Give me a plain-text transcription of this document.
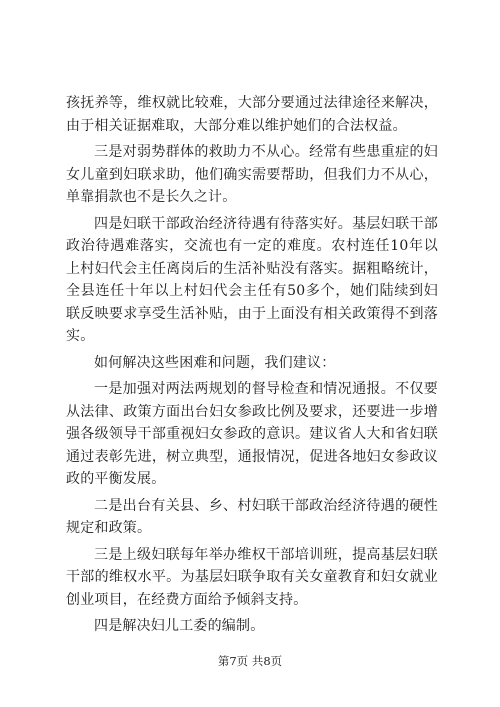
孩抚养等，维权就比较难，大部分要通过法律途径来解决，由于相关证据难取，大部分难以维护她们的合法权益。

三是对弱势群体的救助力不从心。经常有些患重症的妇女儿童到妇联求助，他们确实需要帮助，但我们力不从心，单靠捐款也不是长久之计。

四是妇联干部政治经济待遇有待落实好。基层妇联干部政治待遇难落实，交流也有一定的难度。农村连任10年以上村妇代会主任离岗后的生活补贴没有落实。据粗略统计，全县连任十年以上村妇代会主任有50多个，她们陆续到妇联反映要求享受生活补贴，由于上面没有相关政策得不到落实。

如何解决这些困难和问题，我们建议：

一是加强对两法两规划的督导检查和情况通报。不仅要从法律、政策方面出台妇女参政比例及要求，还要进一步增强各级领导干部重视妇女参政的意识。建议省人大和省妇联通过表彰先进，树立典型，通报情况，促进各地妇女参政议政的平衡发展。

二是出台有关县、乡、村妇联干部政治经济待遇的硬性规定和政策。

三是上级妇联每年举办维权干部培训班，提高基层妇联干部的维权水平。为基层妇联争取有关女童教育和妇女就业创业项目，在经费方面给予倾斜支持。

四是解决妇儿工委的编制。

第7页 共8页
